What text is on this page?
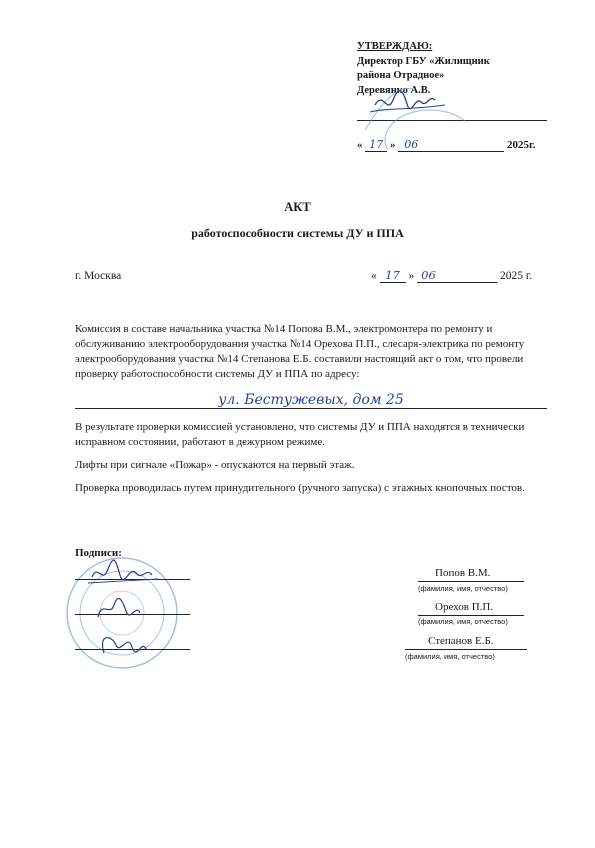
УТВЕРЖДАЮ:
Директор ГБУ «Жилищник
района Отрадное»
Деревянко А.В.
« 17 » 06	2025г.
АКТ
работоспособности системы ДУ и ППА
г. Москва	« 17 » 06	2025 г.
Комиссия в составе начальника участка №14 Попова В.М., электромонтера по ремонту и обслуживанию электрооборудования участка №14 Орехова П.П., слесаря-электрика по ремонту электрооборудования участка №14 Степанова Е.Б. составили настоящий акт о том, что провели проверку работоспособности системы ДУ и ППА по адресу:
ул. Бестужевых, дом 25
В результате проверки комиссией установлено, что системы ДУ и ППА находятся в технически исправном состоянии, работают в дежурном режиме.
Лифты при сигнале «Пожар» - опускаются на первый этаж.
Проверка проводилась путем принудительного (ручного запуска) с этажных кнопочных постов.
Подписи:
Попов В.М.
(фамилия, имя, отчество)
Орехов П.П.
(фамилия, имя, отчество)
Степанов Е.Б.
(фамилия, имя, отчество)
